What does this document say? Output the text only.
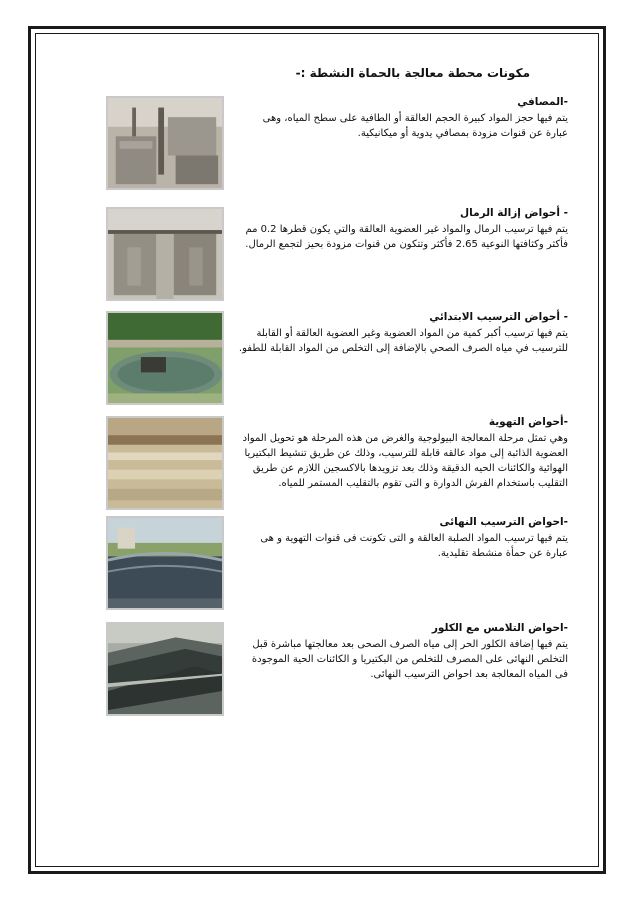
مكونات محطة معالجة بالحماة النشطة :-

-المصافي

يتم فيها حجز المواد كبيرة الحجم العالقة أو الطافية على سطح المياه، وهى عبارة عن قنوات مزودة بمصافي يدوية أو ميكانيكية.

- أحواض إزالة الرمال

يتم فيها ترسيب الرمال والمواد غير العضوية العالقة والتي يكون قطرها 0.2 مم فأكثر وكثافتها النوعية 2.65 فأكثر وتتكون من قنوات مزودة بحيز لتجمع الرمال.

- أحواض الترسيب الابتدائي

يتم فيها ترسيب أكبر كمية من المواد العضوية وغير العضوية العالقة أو القابلة للترسيب في مياه الصرف الصحي بالإضافة إلى التخلص من المواد القابلة للطفو.

-أحواض التهوية

وهي تمثل مرحلة المعالجة البيولوجية والغرض من هذه المرحلة هو تحويل المواد العضوية الذائبة إلى مواد عالقه قابلة للترسيب، وذلك عن طريق تنشيط البكتيريا الهوائية والكائنات الحيه الدقيقة وذلك بعد تزويدها بالاكسجين اللازم عن طريق التقليب باستخدام الفرش الدوارة و التى تقوم بالتقليب المستمر للمياه.

-احواض الترسيب النهائى

يتم فيها ترسيب المواد الصلبة العالقة و التى تكونت فى قنوات التهوية و هى عبارة عن حمأة منشطة تقليدية.

-احواض التلامس مع الكلور

يتم فيها إضافة الكلور الحر إلى مياه الصرف الصحى بعد معالجتها مباشرة قبل التخلص النهائى على المصرف للتخلص من البكتيريا و الكائنات الحية الموجودة فى المياه المعالجة بعد احواض الترسيب النهائى.
